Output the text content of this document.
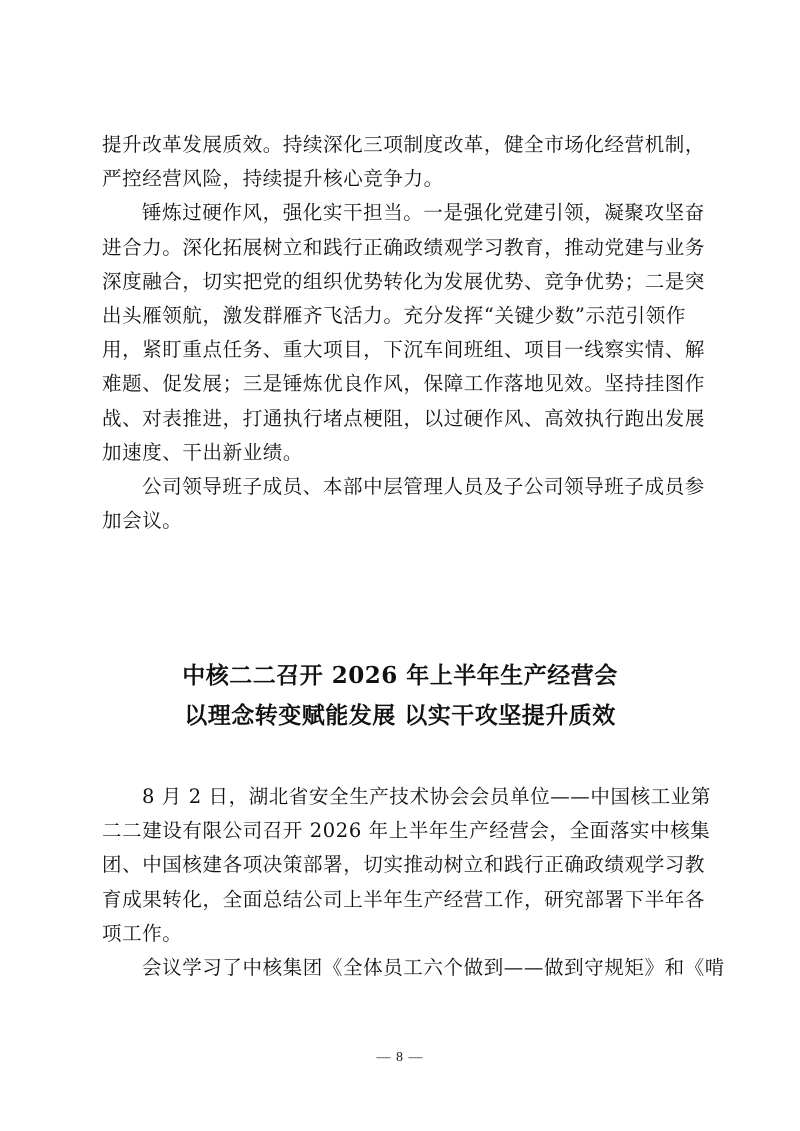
提升改革发展质效。持续深化三项制度改革，健全市场化经营机制，
严控经营风险，持续提升核心竞争力。

锤炼过硬作风，强化实干担当。一是强化党建引领，凝聚攻坚奋
进合力。深化拓展树立和践行正确政绩观学习教育，推动党建与业务
深度融合，切实把党的组织优势转化为发展优势、竞争优势；二是突
出头雁领航，激发群雁齐飞活力。充分发挥“关键少数”示范引领作
用，紧盯重点任务、重大项目，下沉车间班组、项目一线察实情、解
难题、促发展；三是锤炼优良作风，保障工作落地见效。坚持挂图作
战、对表推进，打通执行堵点梗阻，以过硬作风、高效执行跑出发展
加速度、干出新业绩。

公司领导班子成员、本部中层管理人员及子公司领导班子成员参
加会议。

中核二二召开 2026 年上半年生产经营会
以理念转变赋能发展 以实干攻坚提升质效

8 月 2 日，湖北省安全生产技术协会会员单位——中国核工业第
二二建设有限公司召开 2026 年上半年生产经营会，全面落实中核集
团、中国核建各项决策部署，切实推动树立和践行正确政绩观学习教
育成果转化，全面总结公司上半年生产经营工作，研究部署下半年各
项工作。

会议学习了中核集团《全体员工六个做到——做到守规矩》和《啃

— 8 —
